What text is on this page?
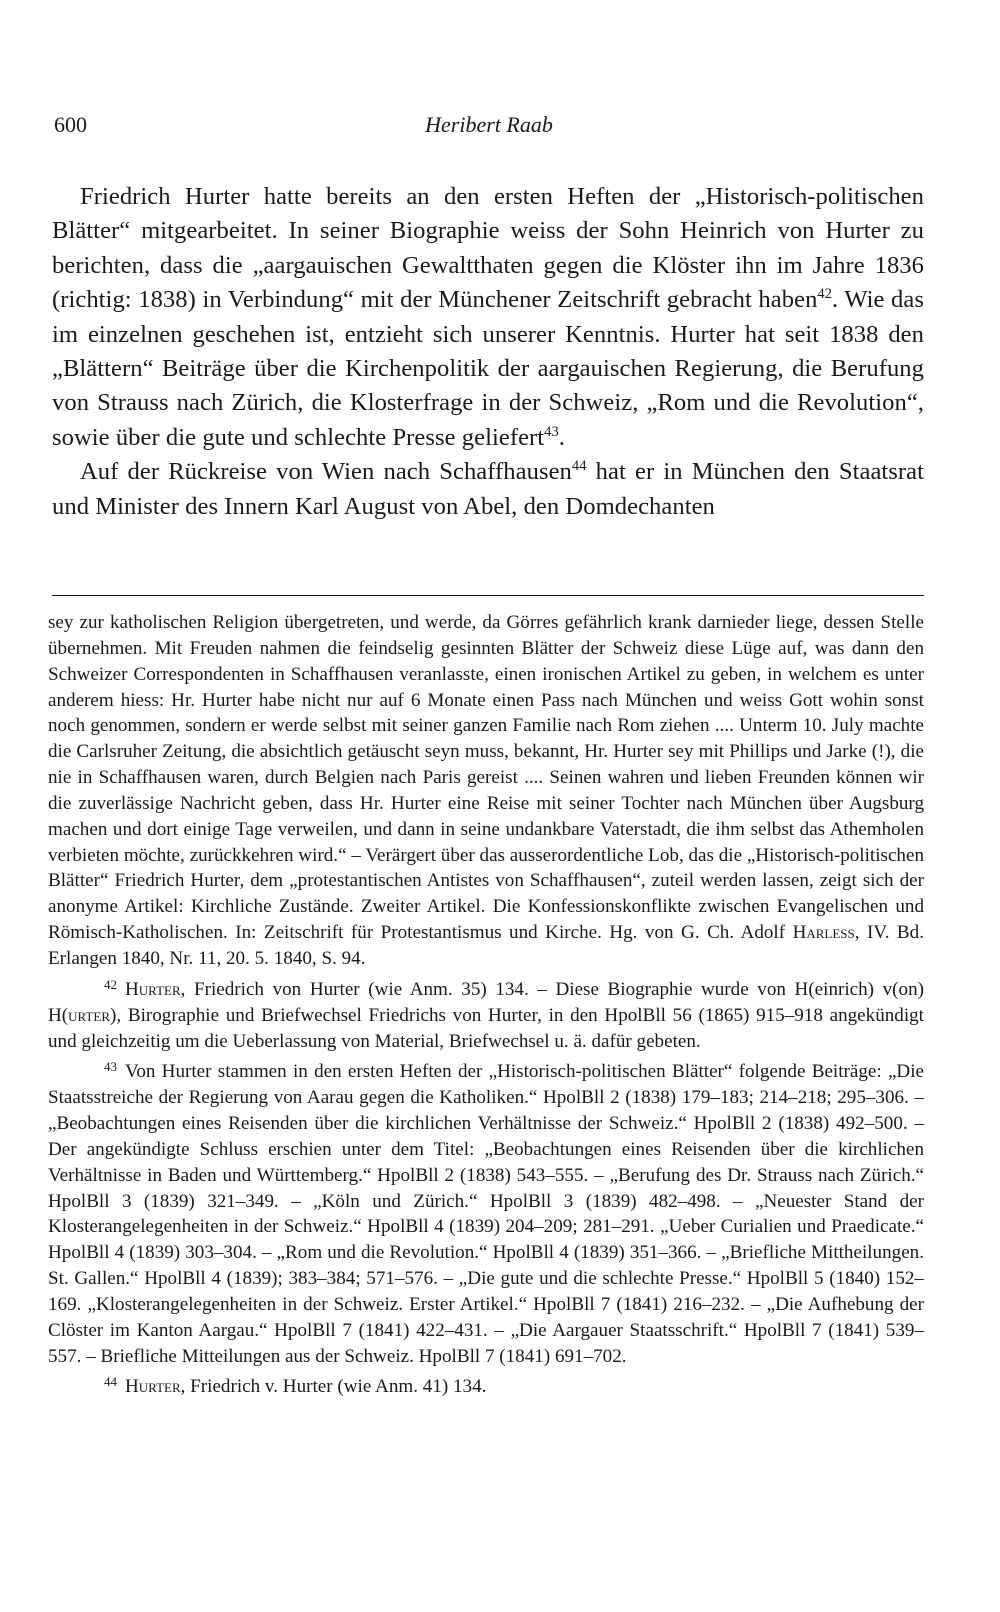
600	Heribert Raab

Friedrich Hurter hatte bereits an den ersten Heften der „Historisch-politischen Blätter“ mitgearbeitet. In seiner Biographie weiss der Sohn Heinrich von Hurter zu berichten, dass die „aargauischen Gewaltthaten gegen die Klöster ihn im Jahre 1836 (richtig: 1838) in Verbindung“ mit der Münchener Zeitschrift gebracht haben$^{42}$. Wie das im einzelnen geschehen ist, entzieht sich unserer Kenntnis. Hurter hat seit 1838 den „Blättern“ Beiträge über die Kirchenpolitik der aargauischen Regierung, die Berufung von Strauss nach Zürich, die Klosterfrage in der Schweiz, „Rom und die Revolution“, sowie über die gute und schlechte Presse geliefert$^{43}$.

Auf der Rückreise von Wien nach Schaffhausen$^{44}$ hat er in München den Staatsrat und Minister des Innern Karl August von Abel, den Domdechanten

sey zur katholischen Religion übergetreten, und werde, da Görres gefährlich krank darnieder liege, dessen Stelle übernehmen. Mit Freuden nahmen die feindselig gesinnten Blätter der Schweiz diese Lüge auf, was dann den Schweizer Correspondenten in Schaffhausen veranlasste, einen ironischen Artikel zu geben, in welchem es unter anderem hiess: Hr. Hurter habe nicht nur auf 6 Monate einen Pass nach München und weiss Gott wohin sonst noch genommen, sondern er werde selbst mit seiner ganzen Familie nach Rom ziehen .... Unterm 10. July machte die Carlsruher Zeitung, die absichtlich getäuscht seyn muss, bekannt, Hr. Hurter sey mit Phillips und Jarke (!), die nie in Schaffhausen waren, durch Belgien nach Paris gereist .... Seinen wahren und lieben Freunden können wir die zuverlässige Nachricht geben, dass Hr. Hurter eine Reise mit seiner Tochter nach München über Augsburg machen und dort einige Tage verweilen, und dann in seine undankbare Vaterstadt, die ihm selbst das Athemholen verbieten möchte, zurückkehren wird.“ – Verärgert über das ausserordentliche Lob, das die „Historisch-politischen Blätter“ Friedrich Hurter, dem „protestantischen Antistes von Schaffhausen“, zuteil werden lassen, zeigt sich der anonyme Artikel: Kirchliche Zustände. Zweiter Artikel. Die Konfessionskonflikte zwischen Evangelischen und Römisch-Katholischen. In: Zeitschrift für Protestantismus und Kirche. Hg. von G. Ch. Adolf Harless, IV. Bd. Erlangen 1840, Nr. 11, 20. 5. 1840, S. 94.

42 Hurter, Friedrich von Hurter (wie Anm. 35) 134. – Diese Biographie wurde von H(einrich) v(on) H(urter), Birographie und Briefwechsel Friedrichs von Hurter, in den HpolBll 56 (1865) 915–918 angekündigt und gleichzeitig um die Ueberlassung von Material, Briefwechsel u. ä. dafür gebeten.

43 Von Hurter stammen in den ersten Heften der „Historisch-politischen Blätter“ folgende Beiträge: „Die Staatsstreiche der Regierung von Aarau gegen die Katholiken.“ HpolBll 2 (1838) 179–183; 214–218; 295–306. – „Beobachtungen eines Reisenden über die kirchlichen Verhältnisse der Schweiz.“ HpolBll 2 (1838) 492–500. – Der angekündigte Schluss erschien unter dem Titel: „Beobachtungen eines Reisenden über die kirchlichen Verhältnisse in Baden und Württemberg.“ HpolBll 2 (1838) 543–555. – „Berufung des Dr. Strauss nach Zürich.“ HpolBll 3 (1839) 321–349. – „Köln und Zürich.“ HpolBll 3 (1839) 482–498. – „Neuester Stand der Klosterangelegenheiten in der Schweiz.“ HpolBll 4 (1839) 204–209; 281–291. „Ueber Curialien und Praedicate.“ HpolBll 4 (1839) 303–304. – „Rom und die Revolution.“ HpolBll 4 (1839) 351–366. – „Briefliche Mittheilungen. St. Gallen.“ HpolBll 4 (1839); 383–384; 571–576. – „Die gute und die schlechte Presse.“ HpolBll 5 (1840) 152–169. „Klosterangelegenheiten in der Schweiz. Erster Artikel.“ HpolBll 7 (1841) 216–232. – „Die Aufhebung der Clöster im Kanton Aargau.“ HpolBll 7 (1841) 422–431. – „Die Aargauer Staatsschrift.“ HpolBll 7 (1841) 539–557. – Briefliche Mitteilungen aus der Schweiz. HpolBll 7 (1841) 691–702.

44 Hurter, Friedrich v. Hurter (wie Anm. 41) 134.
